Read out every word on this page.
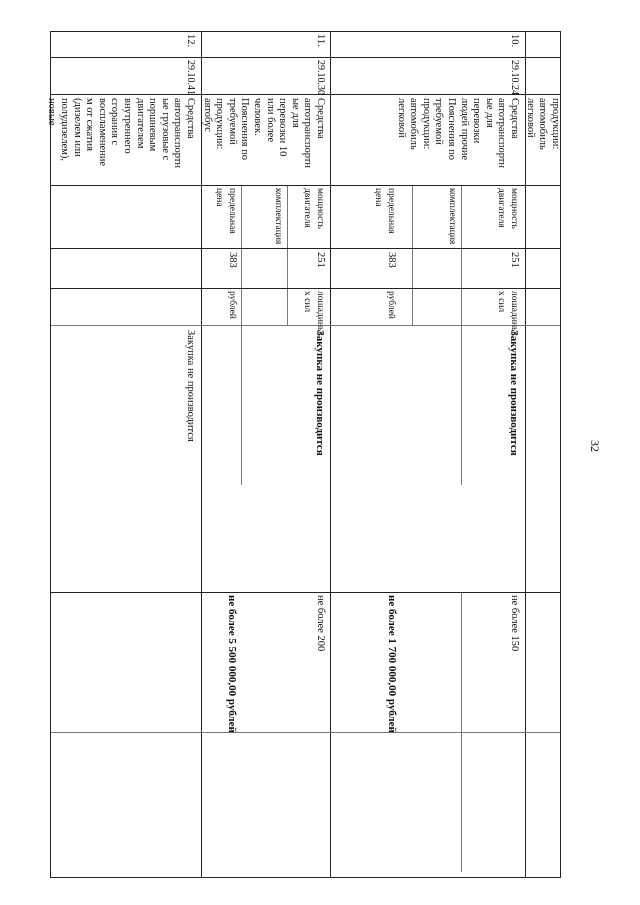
32
продукции:
автомобиль
легковой
10.
29.10.24
Средства
автотранспортн
ые для
перевозки
людей прочие
Пояснения по
требуемой
продукции:
автомобиль
легковой
мощность
двигателя
251
лошадины
х сил
комплектация
предельная цена
383
рублей
Закупка не производится
не более 150
не более 1 700 000,00 рублей
11.
29.10.30
Средства
автотранспортн
ые для
перевозки 10
или более
человек.
Пояснения по
требуемой
продукции:
автобус
мощность
двигателя
251
лошадины
х сил
комплектация
предельная цена
383
рублей
Закупка не производится
не более 200
не более 5 500 000,00 рублей
12.
29.10.41
Средства
автотранспортн
ые грузовые с
поршневым
двигателем
внутреннего
сгорания с
воспламенение
м от сжатия
(дизелем или
полудизелем),
новые
Закупка не производится
